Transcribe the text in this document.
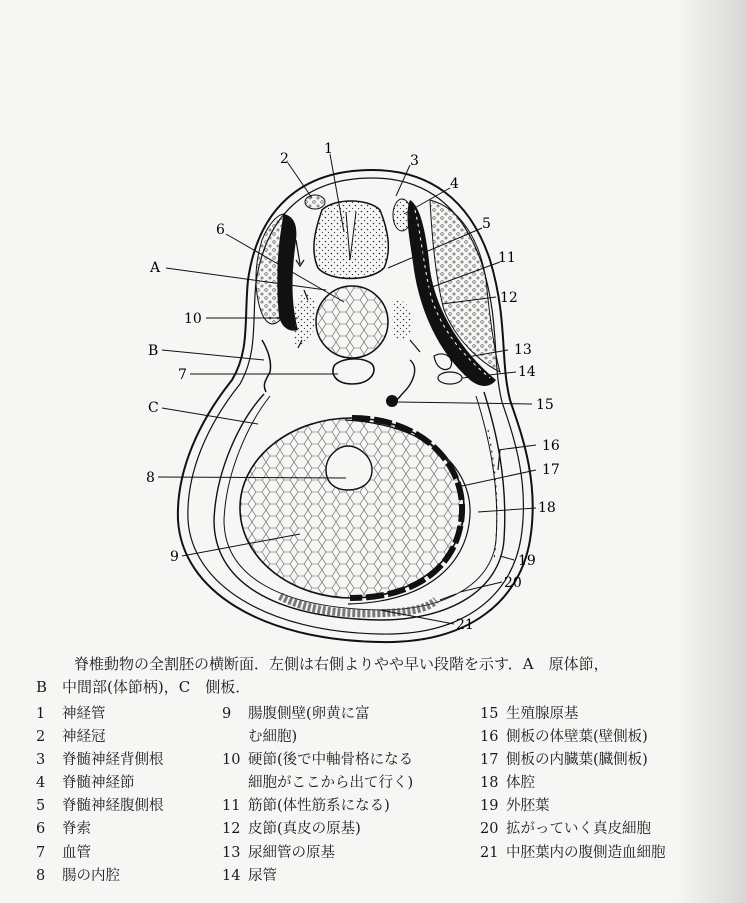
1
2	3
4
5
6
7
8
9
10
11
12
13
14
15
16
17
18
19
20
21
A
B
C
脊椎動物の全割胚の横断面．左側は右側よりやや早い段階を示す．A　原体節，
B　中間部(体節柄)，C　側板．
1	神経管
2	神経冠
3	脊髄神経背側根
4	脊髄神経節
5	脊髄神経腹側根
6	脊索
7	血管
8	腸の内腔
9	腸腹側壁(卵黄に富
む細胞)
10 硬節(後で中軸骨格になる
細胞がここから出て行く)
11 筋節(体性筋系になる)
12 皮節(真皮の原基)
13 尿細管の原基
14 尿管
15 生殖腺原基
16 側板の体壁葉(壁側板)
17 側板の内臓葉(臓側板)
18 体腔
19 外胚葉
20 拡がっていく真皮細胞
21 中胚葉内の腹側造血細胞
